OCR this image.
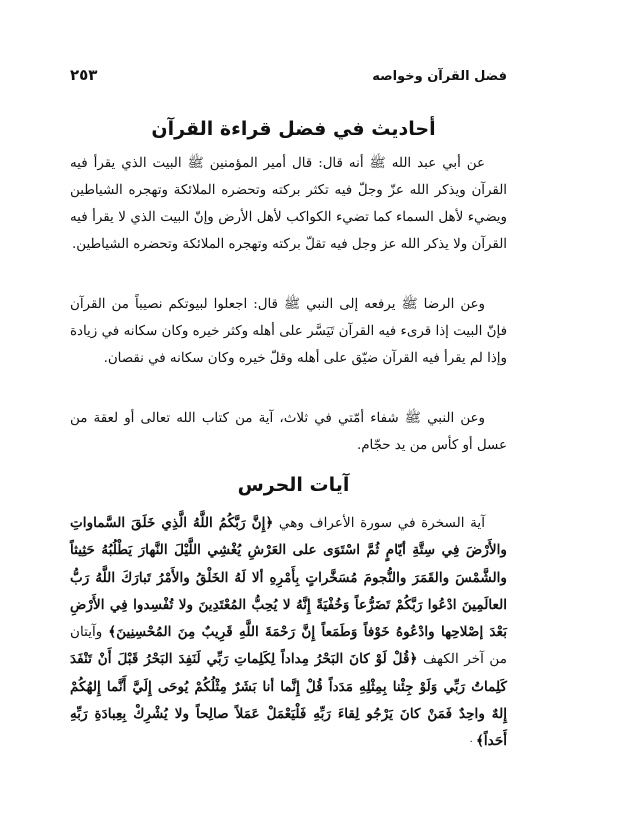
فضل القرآن وخواصه
٢٥٣
أحاديث في فضل قراءة القرآن

عن أبي عبد الله ﷺ أنه قال: قال أمير المؤمنين ﷺ البيت الذي يقرأ فيه القرآن ويذكر الله عزّ وجلّ فيه تكثر بركته وتحضره الملائكة وتهجره الشياطين ويضيء لأهل السماء كما تضيء الكواكب لأهل الأرض وإنّ البيت الذي لا يقرأ فيه القرآن ولا يذكر الله عز وجل فيه تقلّ بركته وتهجره الملائكة وتحضره الشياطين.

وعن الرضا ﷺ يرفعه إلى النبي ﷺ قال: اجعلوا لبيوتكم نصيباً من القرآن فإنّ البيت إذا قرىء فيه القرآن تَيَسَّر على أهله وكثر خيره وكان سكانه في زيادة وإذا لم يقرأ فيه القرآن ضيّق على أهله وقلّ خيره وكان سكانه في نقصان.

وعن النبي ﷺ شفاء أمّتي في ثلاث، آية من كتاب الله تعالى أو لعقة من عسل أو كأس من يد حجّام.

آيات الحرس

آية السخرة في سورة الأعراف وهي ﴿إِنَّ رَبَّكُمُ اللَّهُ الَّذِي خَلَقَ السَّماواتِ والأَرْضَ فِي سِتَّةِ أيّامٍ ثُمَّ اسْتَوَى على العَرْشِ يُغْشِي اللَّيْلَ النَّهارَ يَطْلُبُهُ حَثِيثاً والشَّمْسَ والقَمَرَ والنُّجومَ مُسَخَّراتٍ بِأَمْرِهِ ألا لَهُ الخَلْقُ والأَمْرُ تَبارَكَ اللَّهُ رَبُّ العالَمِينَ ادْعُوا رَبَّكُمْ تَضَرُّعاً وَخُفْيَةً إِنَّهُ لا يُحِبُّ المُعْتَدِينَ ولا تُفْسِدوا فِي الأَرْضِ بَعْدَ إصْلاحِها وادْعُوهُ خَوْفاً وَطَمَعاً إِنَّ رَحْمَةَ اللَّهِ قَرِيبٌ مِنَ المُحْسِنِينَ﴾ وآيتان من آخر الكهف ﴿قُلْ لَوْ كانَ البَحْرُ مِداداً لِكَلِماتِ رَبِّي لَنَفِدَ البَحْرُ قَبْلَ أَنْ تَنْفَدَ كَلِماتُ رَبِّي وَلَوْ جِئْنا بِمِثْلِهِ مَدَداً قُلْ إِنَّما أنا بَشَرٌ مِثْلُكُمْ يُوحَى إِلَيَّ أَنَّما إِلهُكُمْ إِلهٌ واحِدٌ فَمَنْ كانَ يَرْجُو لِقاءَ رَبِّهِ فَلْيَعْمَلْ عَمَلاً صالِحاً ولا يُشْرِكْ بِعِبادَةِ رَبِّهِ أَحَداً﴾ ·
